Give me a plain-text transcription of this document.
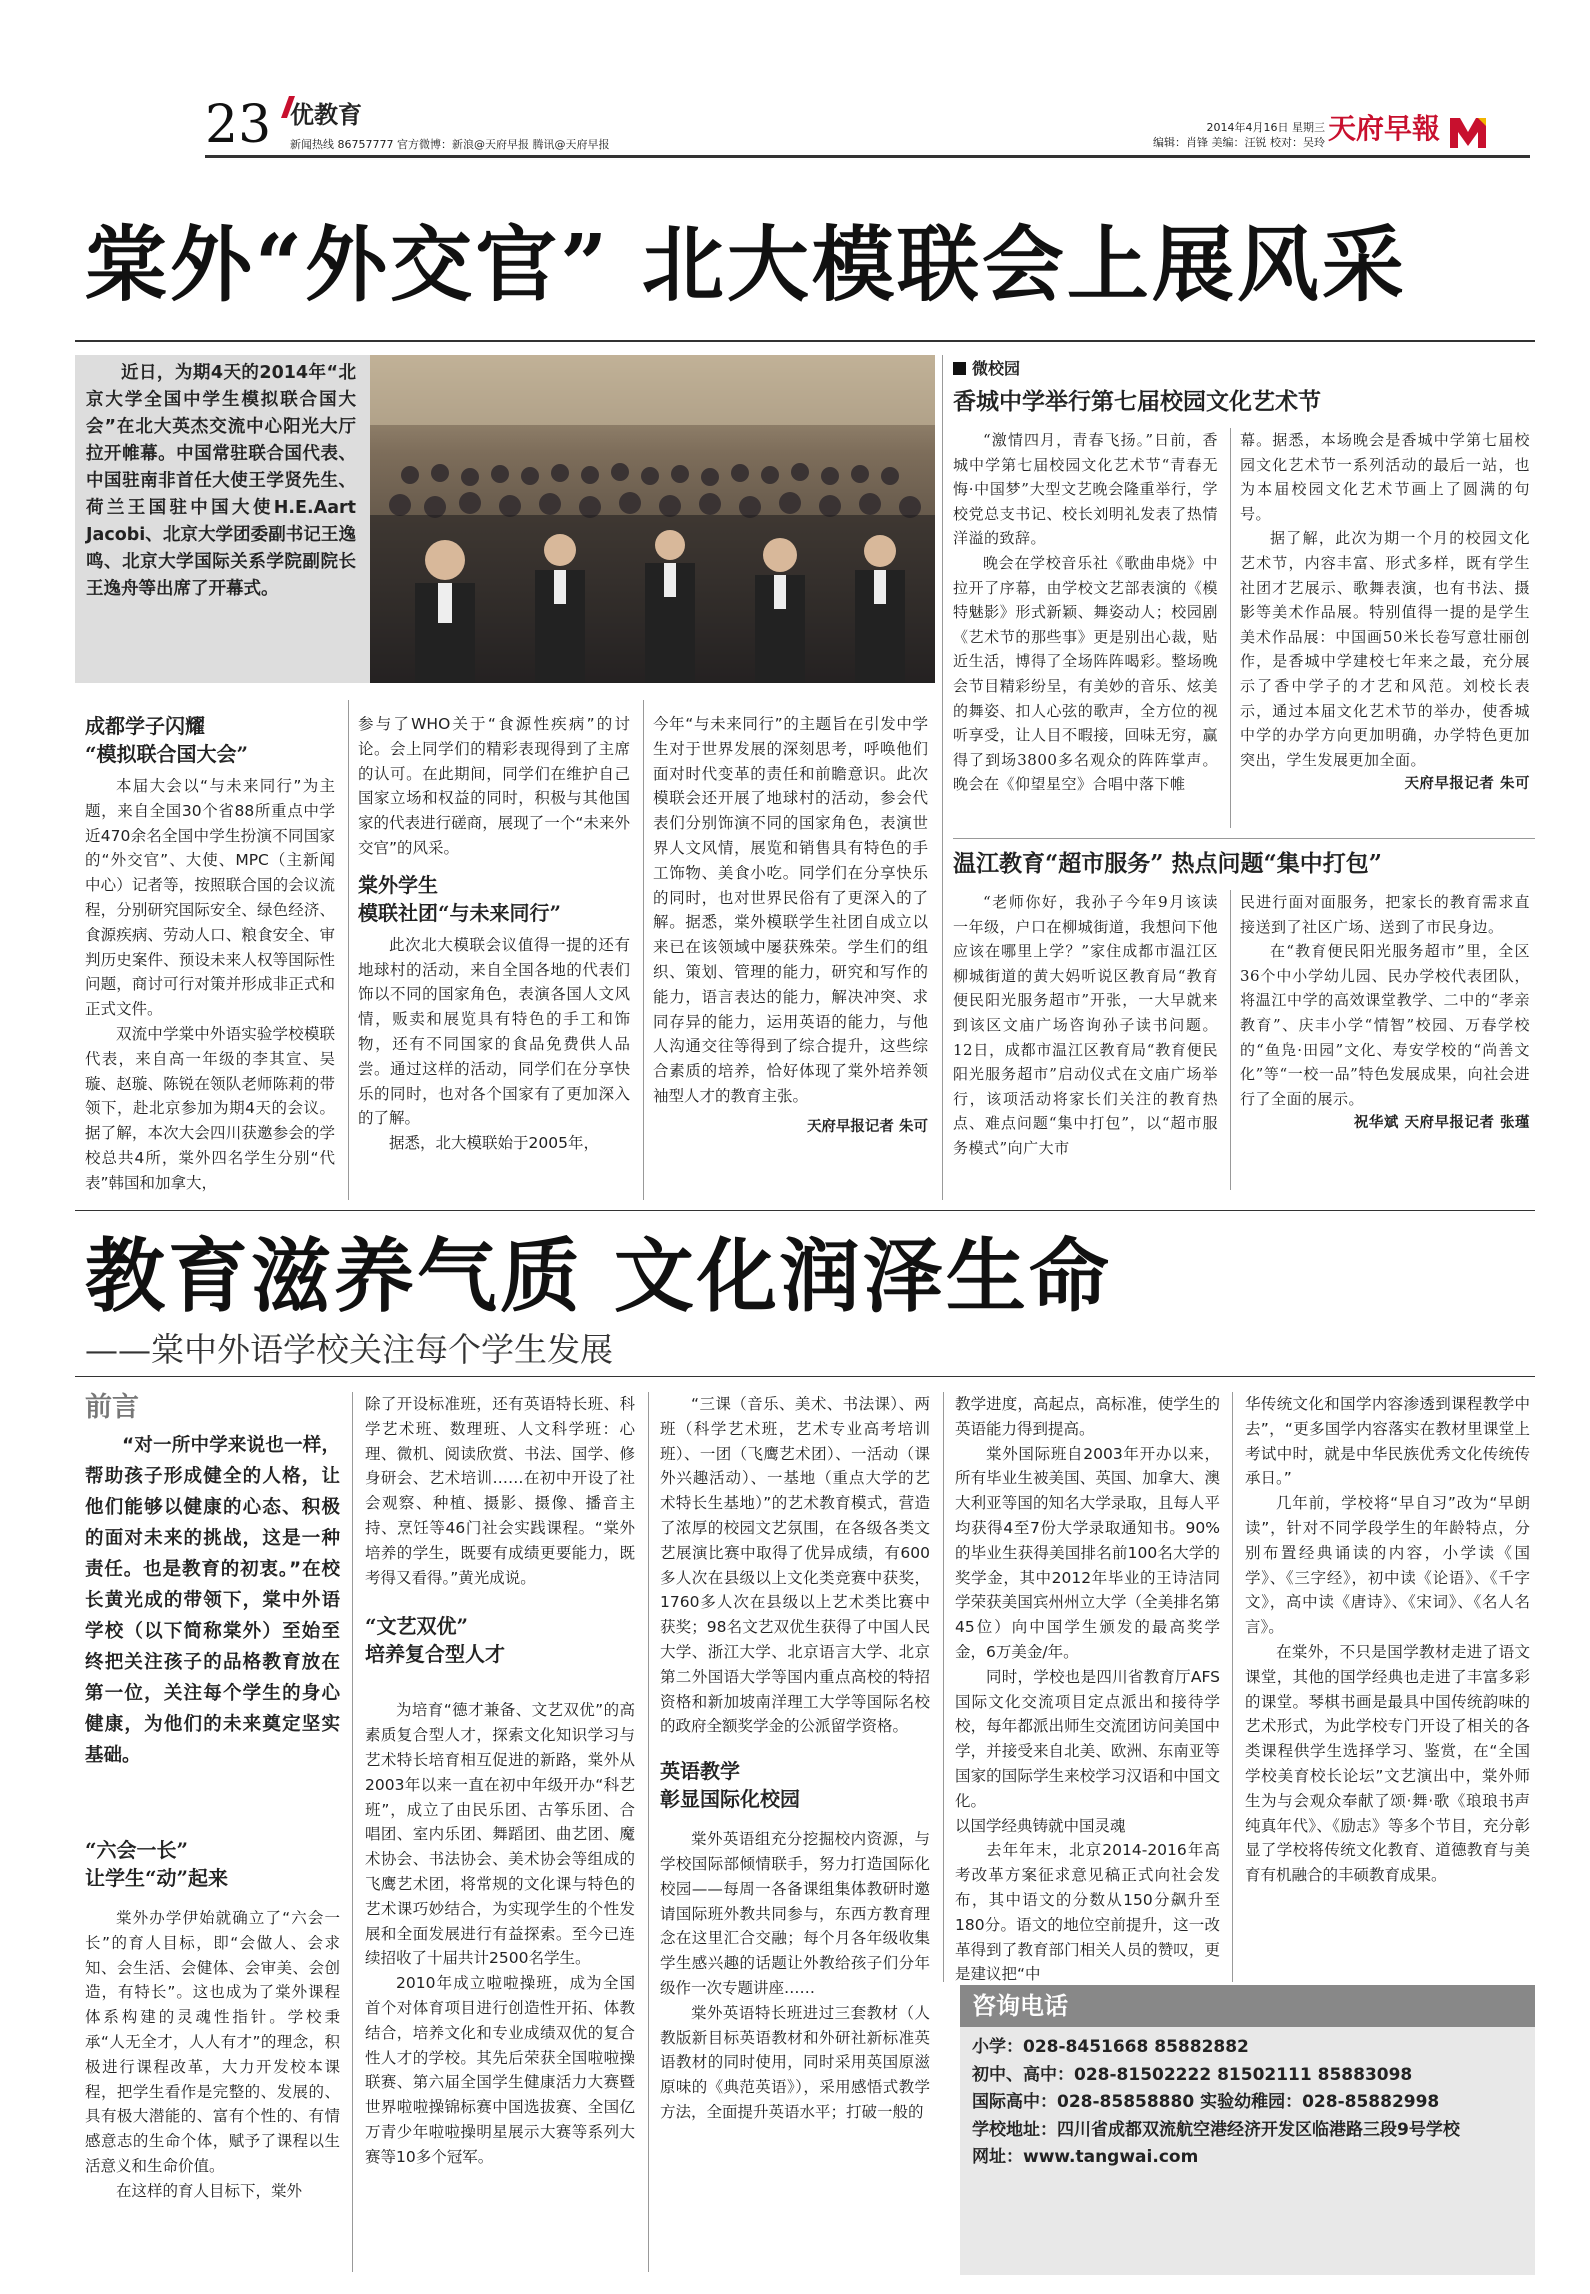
23 优教育
新闻热线 86757777 官方微博：新浪@天府早报 腾讯@天府早报
2014年4月16日 星期三
编辑：肖锋 美编：汪锐 校对：吴玲 天府早報
棠外“外交官” 北大模联会上展风采
近日，为期4天的2014年“北京大学全国中学生模拟联合国大会”在北大英杰交流中心阳光大厅拉开帷幕。中国常驻联合国代表、中国驻南非首任大使王学贤先生、荷兰王国驻中国大使H.E.Aart Jacobi、北京大学团委副书记王逸鸣、北京大学国际关系学院副院长王逸舟等出席了开幕式。
成都学子闪耀
“模拟联合国大会”

本届大会以“与未来同行”为主题，来自全国30个省88所重点中学近470余名全国中学生扮演不同国家的“外交官”、大使、MPC（主新闻中心）记者等，按照联合国的会议流程，分别研究国际安全、绿色经济、食源疾病、劳动人口、粮食安全、审判历史案件、预设未来人权等国际性问题，商讨可行对策并形成非正式和正式文件。

双流中学棠中外语实验学校模联代表，来自高一年级的李其宣、吴璇、赵璇、陈锐在领队老师陈莉的带领下，赴北京参加为期4天的会议。据了解，本次大会四川获邀参会的学校总共4所，棠外四名学生分别“代表”韩国和加拿大，

参与了WHO关于“食源性疾病”的讨论。会上同学们的精彩表现得到了主席的认可。在此期间，同学们在维护自己国家立场和权益的同时，积极与其他国家的代表进行磋商，展现了一个“未来外交官”的风采。

棠外学生
模联社团“与未来同行”

此次北大模联会议值得一提的还有地球村的活动，来自全国各地的代表们饰以不同的国家角色，表演各国人文风情，贩卖和展览具有特色的手工和饰物，还有不同国家的食品免费供人品尝。通过这样的活动，同学们在分享快乐的同时，也对各个国家有了更加深入的了解。

据悉，北大模联始于2005年，

今年“与未来同行”的主题旨在引发中学生对于世界发展的深刻思考，呼唤他们面对时代变革的责任和前瞻意识。此次模联会还开展了地球村的活动，参会代表们分别饰演不同的国家角色，表演世界人文风情，展览和销售具有特色的手工饰物、美食小吃。同学们在分享快乐的同时，也对世界民俗有了更深入的了解。据悉，棠外模联学生社团自成立以来已在该领域中屡获殊荣。学生们的组织、策划、管理的能力，研究和写作的能力，语言表达的能力，解决冲突、求同存异的能力，运用英语的能力，与他人沟通交往等得到了综合提升，这些综合素质的培养，恰好体现了棠外培养领袖型人才的教育主张。

天府早报记者 朱可
微校园
香城中学举行第七届校园文化艺术节

“激情四月，青春飞扬。”日前，香城中学第七届校园文化艺术节“青春无悔·中国梦”大型文艺晚会隆重举行，学校党总支书记、校长刘明礼发表了热情洋溢的致辞。

晚会在学校音乐社《歌曲串烧》中拉开了序幕，由学校文艺部表演的《模特魅影》形式新颖、舞姿动人；校园剧《艺术节的那些事》更是别出心裁，贴近生活，博得了全场阵阵喝彩。整场晚会节目精彩纷呈，有美妙的音乐、炫美的舞姿、扣人心弦的歌声，全方位的视听享受，让人目不暇接，回味无穷，赢得了到场3800多名观众的阵阵掌声。晚会在《仰望星空》合唱中落下帷

幕。据悉，本场晚会是香城中学第七届校园文化艺术节一系列活动的最后一站，也为本届校园文化艺术节画上了圆满的句号。

据了解，此次为期一个月的校园文化艺术节，内容丰富、形式多样，既有学生社团才艺展示、歌舞表演，也有书法、摄影等美术作品展。特别值得一提的是学生美术作品展：中国画50米长卷写意壮丽创作，是香城中学建校七年来之最，充分展示了香中学子的才艺和风范。刘校长表示，通过本届文化艺术节的举办，使香城中学的办学方向更加明确，办学特色更加突出，学生发展更加全面。

天府早报记者 朱可
温江教育“超市服务” 热点问题“集中打包”

“老师你好，我孙子今年9月该读一年级，户口在柳城街道，我想问下他应该在哪里上学？”家住成都市温江区柳城街道的黄大妈听说区教育局“教育便民阳光服务超市”开张，一大早就来到该区文庙广场咨询孙子读书问题。12日，成都市温江区教育局“教育便民阳光服务超市”启动仪式在文庙广场举行，该项活动将家长们关注的教育热点、难点问题“集中打包”，以“超市服务模式”向广大市

民进行面对面服务，把家长的教育需求直接送到了社区广场、送到了市民身边。

在“教育便民阳光服务超市”里，全区36个中小学幼儿园、民办学校代表团队，将温江中学的高效课堂教学、二中的“孝亲教育”、庆丰小学“情智”校园、万春学校的“鱼凫·田园”文化、寿安学校的“尚善文化”等“一校一品”特色发展成果，向社会进行了全面的展示。

祝华斌 天府早报记者 张瑾
教育滋养气质 文化润泽生命
——棠中外语学校关注每个学生发展
前言
“对一所中学来说也一样，帮助孩子形成健全的人格，让他们能够以健康的心态、积极的面对未来的挑战，这是一种责任。也是教育的初衷。”在校长黄光成的带领下，棠中外语学校（以下简称棠外）至始至终把关注孩子的品格教育放在第一位，关注每个学生的身心健康，为他们的未来奠定坚实基础。
“六会一长”
让学生“动”起来

棠外办学伊始就确立了“六会一长”的育人目标，即“会做人、会求知、会生活、会健体、会审美、会创造，有特长”。这也成为了棠外课程体系构建的灵魂性指针。学校秉承“人无全才，人人有才”的理念，积极进行课程改革，大力开发校本课程，把学生看作是完整的、发展的、具有极大潜能的、富有个性的、有情感意志的生命个体，赋予了课程以生活意义和生命价值。

在这样的育人目标下，棠外

除了开设标准班，还有英语特长班、科学艺术班、数理班、人文科学班：心理、微机、阅读欣赏、书法、国学、修身研会、艺术培训……在初中开设了社会观察、种植、摄影、摄像、播音主持、烹饪等46门社会实践课程。“棠外培养的学生，既要有成绩更要能力，既考得又看得。”黄光成说。

“文艺双优”
培养复合型人才

为培育“德才兼备、文艺双优”的高素质复合型人才，探索文化知识学习与艺术特长培育相互促进的新路，棠外从2003年以来一直在初中年级开办“科艺班”，成立了由民乐团、古筝乐团、合唱团、室内乐团、舞蹈团、曲艺团、魔术协会、书法协会、美术协会等组成的飞鹰艺术团，将常规的文化课与特色的艺术课巧妙结合，为实现学生的个性发展和全面发展进行有益探索。至今已连续招收了十届共计2500名学生。

2010年成立啦啦操班，成为全国首个对体育项目进行创造性开拓、体教结合，培养文化和专业成绩双优的复合性人才的学校。其先后荣获全国啦啦操联赛、第六届全国学生健康活力大赛暨世界啦啦操锦标赛中国选拔赛、全国亿万青少年啦啦操明星展示大赛等系列大赛等10多个冠军。

“三课（音乐、美术、书法课）、两班（科学艺术班，艺术专业高考培训班）、一团（飞鹰艺术团）、一活动（课外兴趣活动）、一基地（重点大学的艺术特长生基地）”的艺术教育模式，营造了浓厚的校园文艺氛围，在各级各类文艺展演比赛中取得了优异成绩，有600多人次在县级以上文化类竞赛中获奖，1760多人次在县级以上艺术类比赛中获奖；98名文艺双优生获得了中国人民大学、浙江大学、北京语言大学、北京第二外国语大学等国内重点高校的特招资格和新加坡南洋理工大学等国际名校的政府全额奖学金的公派留学资格。

英语教学
彰显国际化校园

棠外英语组充分挖掘校内资源，与学校国际部倾情联手，努力打造国际化校园——每周一各备课组集体教研时邀请国际班外教共同参与，东西方教育理念在这里汇合交融；每个月各年级收集学生感兴趣的话题让外教给孩子们分年级作一次专题讲座……

棠外英语特长班进过三套教材（人教版新目标英语教材和外研社新标准英语教材的同时使用，同时采用英国原滋原味的《典范英语》），采用感悟式教学方法，全面提升英语水平；打破一般的

教学进度，高起点，高标准，使学生的英语能力得到提高。

棠外国际班自2003年开办以来，所有毕业生被美国、英国、加拿大、澳大利亚等国的知名大学录取，且每人平均获得4至7份大学录取通知书。90%的毕业生获得美国排名前100名大学的奖学金，其中2012年毕业的王诗洁同学荣获美国宾州州立大学（全美排名第45位）向中国学生颁发的最高奖学金，6万美金/年。

同时，学校也是四川省教育厅AFS国际文化交流项目定点派出和接待学校，每年都派出师生交流团访问美国中学，并接受来自北美、欧洲、东南亚等国家的国际学生来校学习汉语和中国文化。

以国学经典铸就中国灵魂

去年年末，北京2014-2016年高考改革方案征求意见稿正式向社会发布，其中语文的分数从150分飙升至180分。语文的地位空前提升，这一改革得到了教育部门相关人员的赞叹，更是建议把“中

华传统文化和国学内容渗透到课程教学中去”，“更多国学内容落实在教材里课堂上考试中时，就是中华民族优秀文化传统传承日。”

几年前，学校将“早自习”改为“早朗读”，针对不同学段学生的年龄特点，分别布置经典诵读的内容，小学读《国学》、《三字经》，初中读《论语》、《千字文》，高中读《唐诗》、《宋词》、《名人名言》。

在棠外，不只是国学教材走进了语文课堂，其他的国学经典也走进了丰富多彩的课堂。琴棋书画是最具中国传统韵味的艺术形式，为此学校专门开设了相关的各类课程供学生选择学习、鉴赏，在“全国学校美育校长论坛”文艺演出中，棠外师生为与会观众奉献了颂·舞·歌《琅琅书声纯真年代》、《励志》等多个节目，充分彰显了学校将传统文化教育、道德教育与美育有机融合的丰硕教育成果。

咨询电话
小学：028-8451668 85882882
初中、高中：028-81502222 81502111 85883098
国际高中：028-85858880 实验幼稚园：028-85882998
学校地址：四川省成都双流航空港经济开发区临港路三段9号学校
网址：www.tangwai.com
